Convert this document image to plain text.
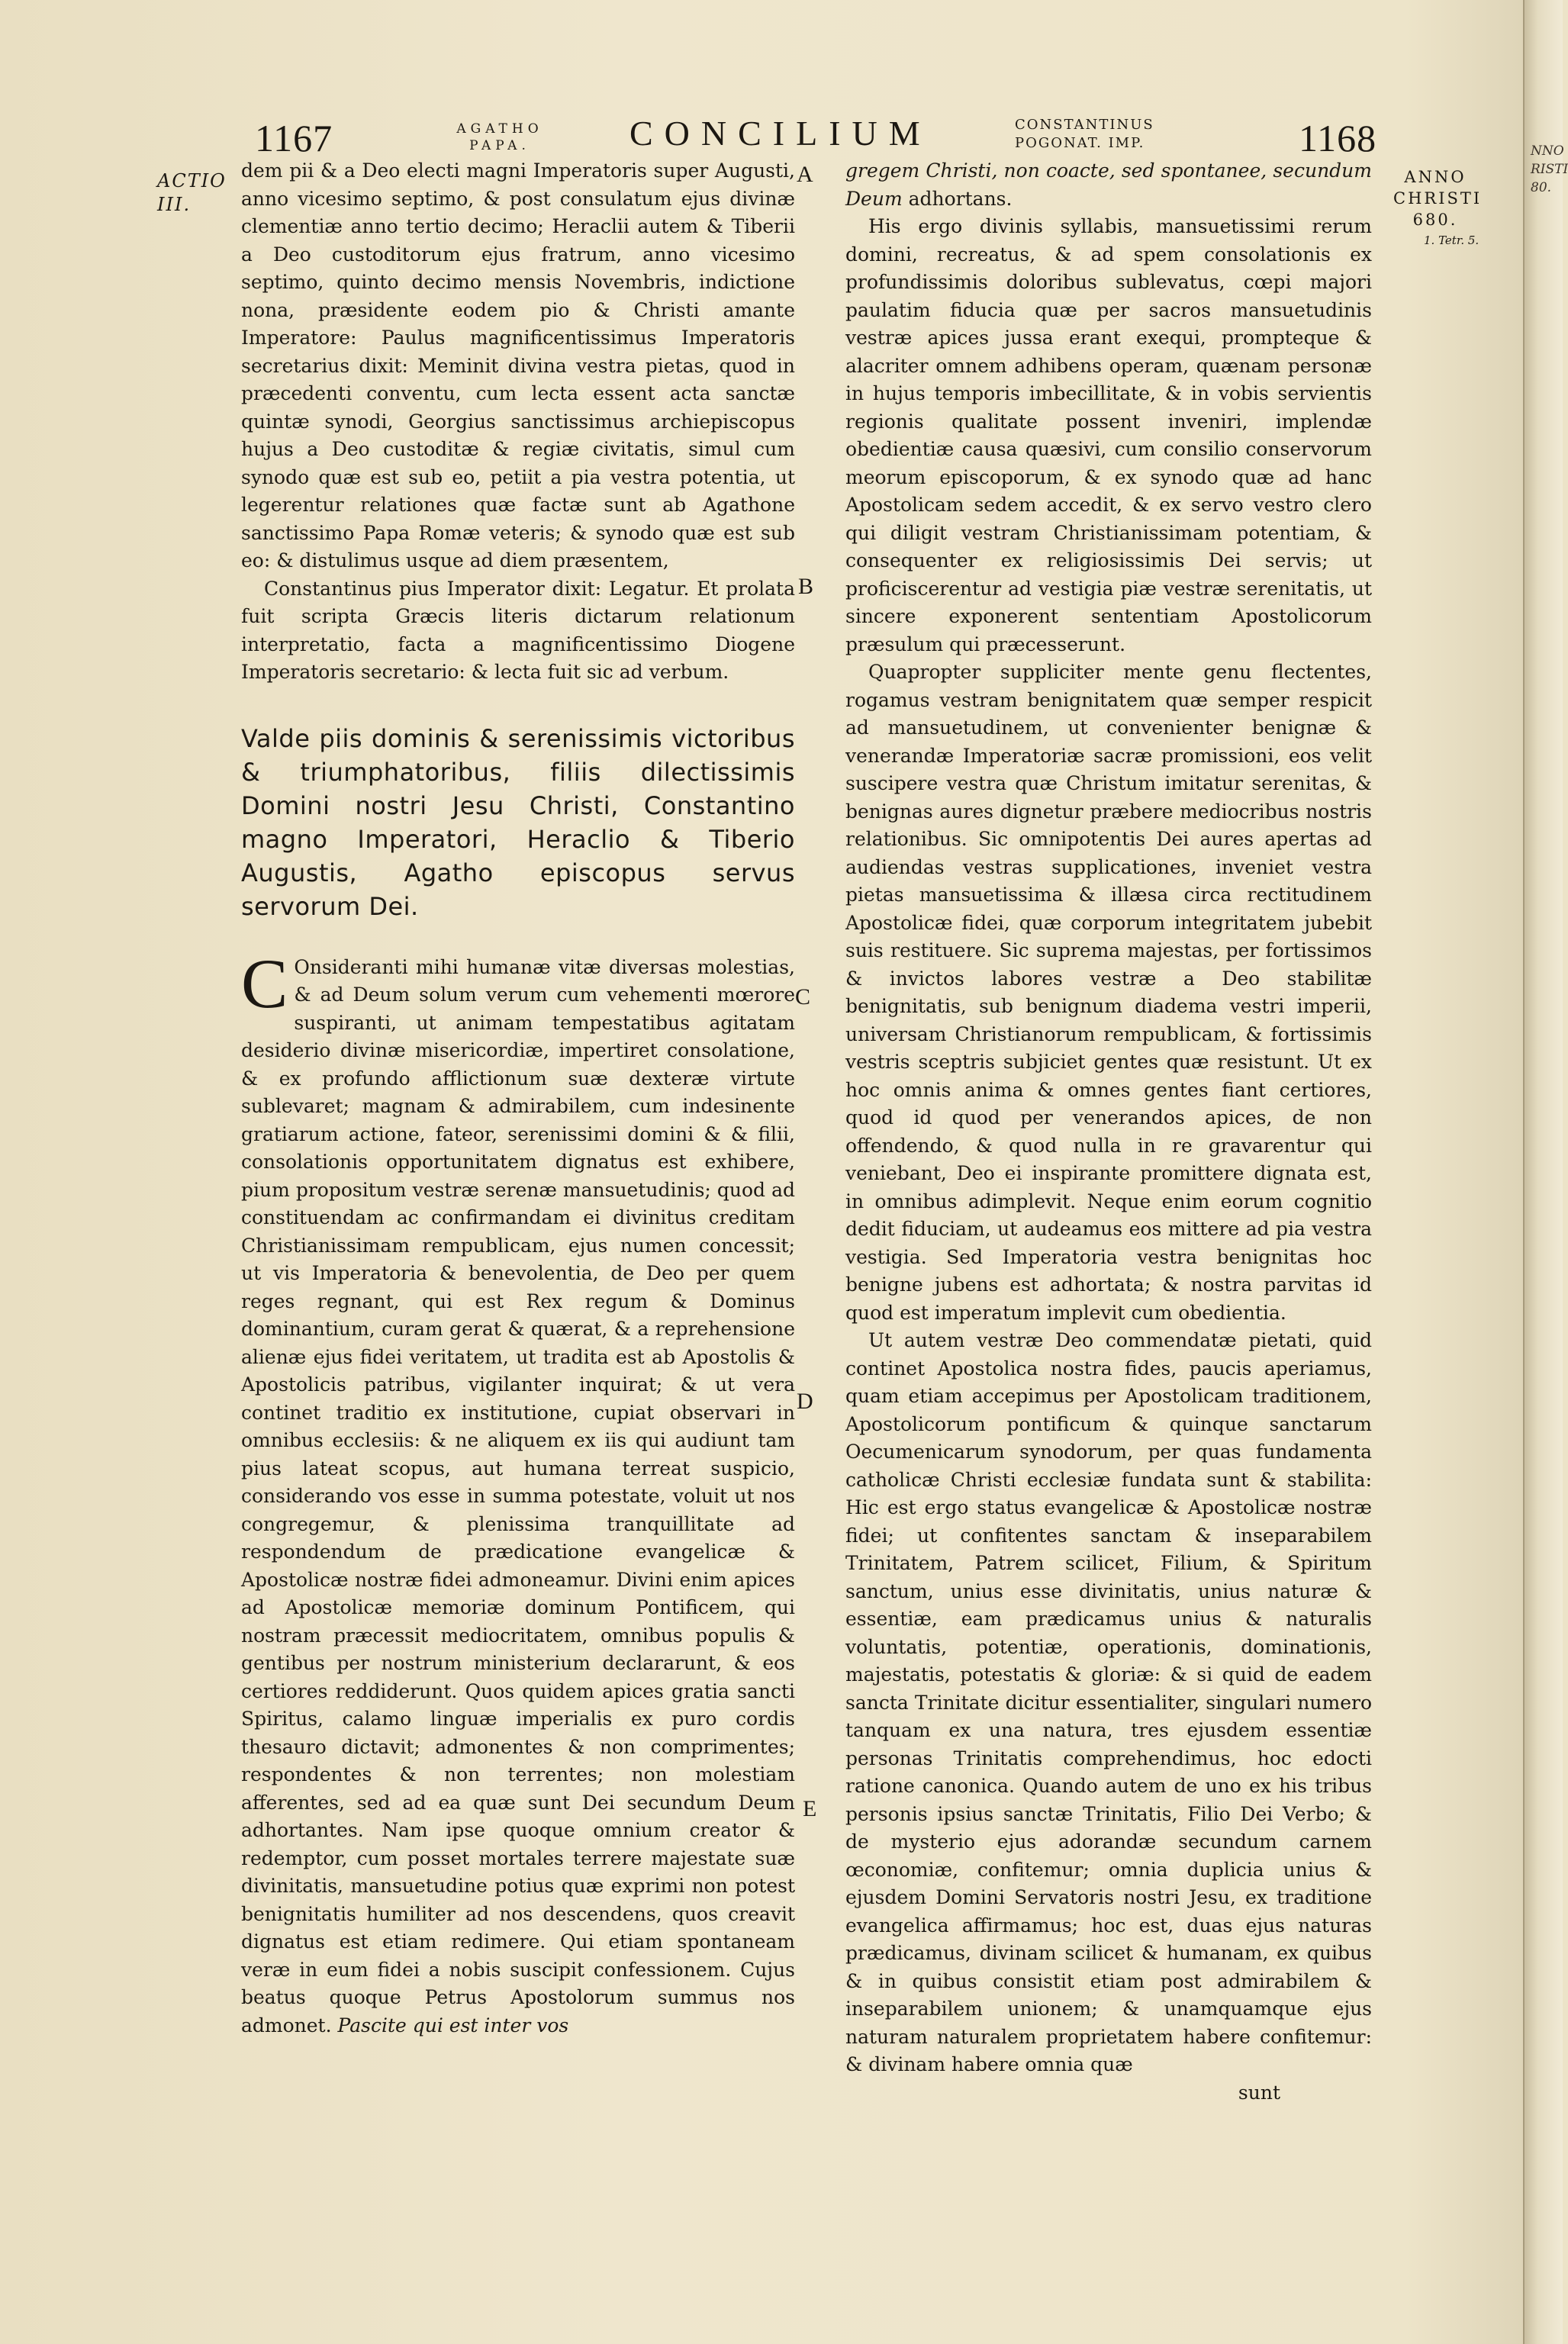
NNO
RISTI
80.
1167	AGATHO
PAPA.	CONCILIUM	CONSTANTINUS
POGONAT. IMP.	1168
ACTIO
III.
ANNO
CHRISTI
680.
1. Tetr. 5.
A
B
C
D
E

dem pii & a Deo electi magni Imperatoris super Augusti, anno vicesimo septimo, & post consulatum ejus divinæ clementiæ anno tertio decimo; Heraclii autem & Tiberii a Deo custoditorum ejus fratrum, anno vicesimo septimo, quinto decimo mensis Novembris, indictione nona, præsidente eodem pio & Christi amante Imperatore: Paulus magnificentissimus Imperatoris secretarius dixit: Meminit divina vestra pietas, quod in præcedenti conventu, cum lecta essent acta sanctæ quintæ synodi, Georgius sanctissimus archiepiscopus hujus a Deo custoditæ & regiæ civitatis, simul cum synodo quæ est sub eo, petiit a pia vestra potentia, ut legerentur relationes quæ factæ sunt ab Agathone sanctissimo Papa Romæ veteris; & synodo quæ est sub eo: & distulimus usque ad diem præsentem,

Constantinus pius Imperator dixit: Legatur. Et prolata fuit scripta Græcis literis dictarum relationum interpretatio, facta a magnificentissimo Diogene Imperatoris secretario: & lecta fuit sic ad verbum.

Valde piis dominis & serenissimis victoribus & triumphatoribus, filiis dilectissimis Domini nostri Jesu Christi, Constantino magno Imperatori, Heraclio & Tiberio Augustis, Agatho episcopus servus servorum Dei.

C Onsideranti mihi humanæ vitæ diversas molestias, & ad Deum solum verum cum vehementi mœrore suspiranti, ut animam tempestatibus agitatam desiderio divinæ misericordiæ, impertiret consolatione, & ex profundo afflictionum suæ dexteræ virtute sublevaret; magnam & admirabilem, cum indesinente gratiarum actione, fateor, serenissimi domini & & filii, consolationis opportunitatem dignatus est exhibere, pium propositum vestræ serenæ mansuetudinis; quod ad constituendam ac confirmandam ei divinitus creditam Christianissimam rempublicam, ejus numen concessit; ut vis Imperatoria & benevolentia, de Deo per quem reges regnant, qui est Rex regum & Dominus dominantium, curam gerat & quærat, & a reprehensione alienæ ejus fidei veritatem, ut tradita est ab Apostolis & Apostolicis patribus, vigilanter inquirat; & ut vera continet traditio ex institutione, cupiat observari in omnibus ecclesiis: & ne aliquem ex iis qui audiunt tam pius lateat scopus, aut humana terreat suspicio, considerando vos esse in summa potestate, voluit ut nos congregemur, & plenissima tranquillitate ad respondendum de prædicatione evangelicæ & Apostolicæ nostræ fidei admoneamur. Divini enim apices ad Apostolicæ memoriæ dominum Pontificem, qui nostram præcessit mediocritatem, omnibus populis & gentibus per nostrum ministerium declararunt, & eos certiores reddiderunt. Quos quidem apices gratia sancti Spiritus, calamo linguæ imperialis ex puro cordis thesauro dictavit; admonentes & non comprimentes; respondentes & non terrentes; non molestiam afferentes, sed ad ea quæ sunt Dei secundum Deum adhortantes. Nam ipse quoque omnium creator & redemptor, cum posset mortales terrere majestate suæ divinitatis, mansuetudine potius quæ exprimi non potest benignitatis humiliter ad nos descendens, quos creavit dignatus est etiam redimere. Qui etiam spontaneam veræ in eum fidei a nobis suscipit confessionem. Cujus beatus quoque Petrus Apostolorum summus nos admonet. Pascite qui est inter vos

gregem Christi, non coacte, sed spontanee, secundum Deum adhortans.

His ergo divinis syllabis, mansuetissimi rerum domini, recreatus, & ad spem consolationis ex profundissimis doloribus sublevatus, cœpi majori paulatim fiducia quæ per sacros mansuetudinis vestræ apices jussa erant exequi, prompteque & alacriter omnem adhibens operam, quænam personæ in hujus temporis imbecillitate, & in vobis servientis regionis qualitate possent inveniri, implendæ obedientiæ causa quæsivi, cum consilio conservorum meorum episcoporum, & ex synodo quæ ad hanc Apostolicam sedem accedit, & ex servo vestro clero qui diligit vestram Christianissimam potentiam, & consequenter ex religiosissimis Dei servis; ut proficiscerentur ad vestigia piæ vestræ serenitatis, ut sincere exponerent sententiam Apostolicorum præsulum qui præcesserunt.

Quapropter suppliciter mente genu flectentes, rogamus vestram benignitatem quæ semper respicit ad mansuetudinem, ut convenienter benignæ & venerandæ Imperatoriæ sacræ promissioni, eos velit suscipere vestra quæ Christum imitatur serenitas, & benignas aures dignetur præbere mediocribus nostris relationibus. Sic omnipotentis Dei aures apertas ad audiendas vestras supplicationes, inveniet vestra pietas mansuetissima & illæsa circa rectitudinem Apostolicæ fidei, quæ corporum integritatem jubebit suis restituere. Sic suprema majestas, per fortissimos & invictos labores vestræ a Deo stabilitæ benignitatis, sub benignum diadema vestri imperii, universam Christianorum rempublicam, & fortissimis vestris sceptris subjiciet gentes quæ resistunt. Ut ex hoc omnis anima & omnes gentes fiant certiores, quod id quod per venerandos apices, de non offendendo, & quod nulla in re gravarentur qui veniebant, Deo ei inspirante promittere dignata est, in omnibus adimplevit. Neque enim eorum cognitio dedit fiduciam, ut audeamus eos mittere ad pia vestra vestigia. Sed Imperatoria vestra benignitas hoc benigne jubens est adhortata; & nostra parvitas id quod est imperatum implevit cum obedientia.

Ut autem vestræ Deo commendatæ pietati, quid continet Apostolica nostra fides, paucis aperiamus, quam etiam accepimus per Apostolicam traditionem, Apostolicorum pontificum & quinque sanctarum Oecumenicarum synodorum, per quas fundamenta catholicæ Christi ecclesiæ fundata sunt & stabilita: Hic est ergo status evangelicæ & Apostolicæ nostræ fidei; ut confitentes sanctam & inseparabilem Trinitatem, Patrem scilicet, Filium, & Spiritum sanctum, unius esse divinitatis, unius naturæ & essentiæ, eam prædicamus unius & naturalis voluntatis, potentiæ, operationis, dominationis, majestatis, potestatis & gloriæ: & si quid de eadem sancta Trinitate dicitur essentialiter, singulari numero tanquam ex una natura, tres ejusdem essentiæ personas Trinitatis comprehendimus, hoc edocti ratione canonica. Quando autem de uno ex his tribus personis ipsius sanctæ Trinitatis, Filio Dei Verbo; & de mysterio ejus adorandæ secundum carnem œconomiæ, confitemur; omnia duplicia unius & ejusdem Domini Servatoris nostri Jesu, ex traditione evangelica affirmamus; hoc est, duas ejus naturas prædicamus, divinam scilicet & humanam, ex quibus & in quibus consistit etiam post admirabilem & inseparabilem unionem; & unamquamque ejus naturam naturalem proprietatem habere confitemur: & divinam habere omnia quæ

sunt
